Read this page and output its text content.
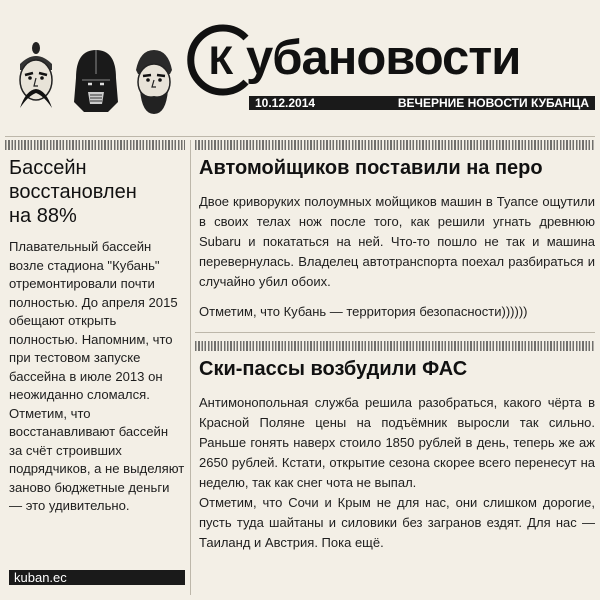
К убановости
10.12.2014	ВЕЧЕРНИЕ НОВОСТИ КУБАНЦА
Бассейн
восстановлен
на 88%

Плавательный бассейн возле стадиона "Кубань" отремонтировали почти полностью. До апреля 2015 обещают открыть полностью. Напомним, что при тестовом запуске бассейна в июле 2013 он неожиданно сломался. Отметим, что восстанавливают бассейн за счёт строивших подрядчиков, а не выделяют заново бюджетные деньги — это удивительно.

kuban.ec
Автомойщиков поставили на перо

Двое криворуких полоумных мойщиков машин в Туапсе ощутили в своих телах нож после того, как решили угнать древнюю Subaru и покататься на ней. Что-то пошло не так и машина перевернулась. Владелец автотранспорта поехал разбираться и случайно убил обоих.

Отметим, что Кубань — территория безопасности))))))

Ски-пассы возбудили ФАС

Антимонопольная служба решила разобраться, какого чёрта в Красной Поляне цены на подъёмник выросли так сильно. Раньше гонять наверх стоило 1850 рублей в день, теперь же аж 2650 рублей. Кстати, открытие сезона скорее всего перенесут на неделю, так как снег чота не выпал.

Отметим, что Сочи и Крым не для нас, они слишком дорогие, пусть туда шайтаны и силовики без загранов ездят. Для нас — Таиланд и Австрия. Пока ещё.
